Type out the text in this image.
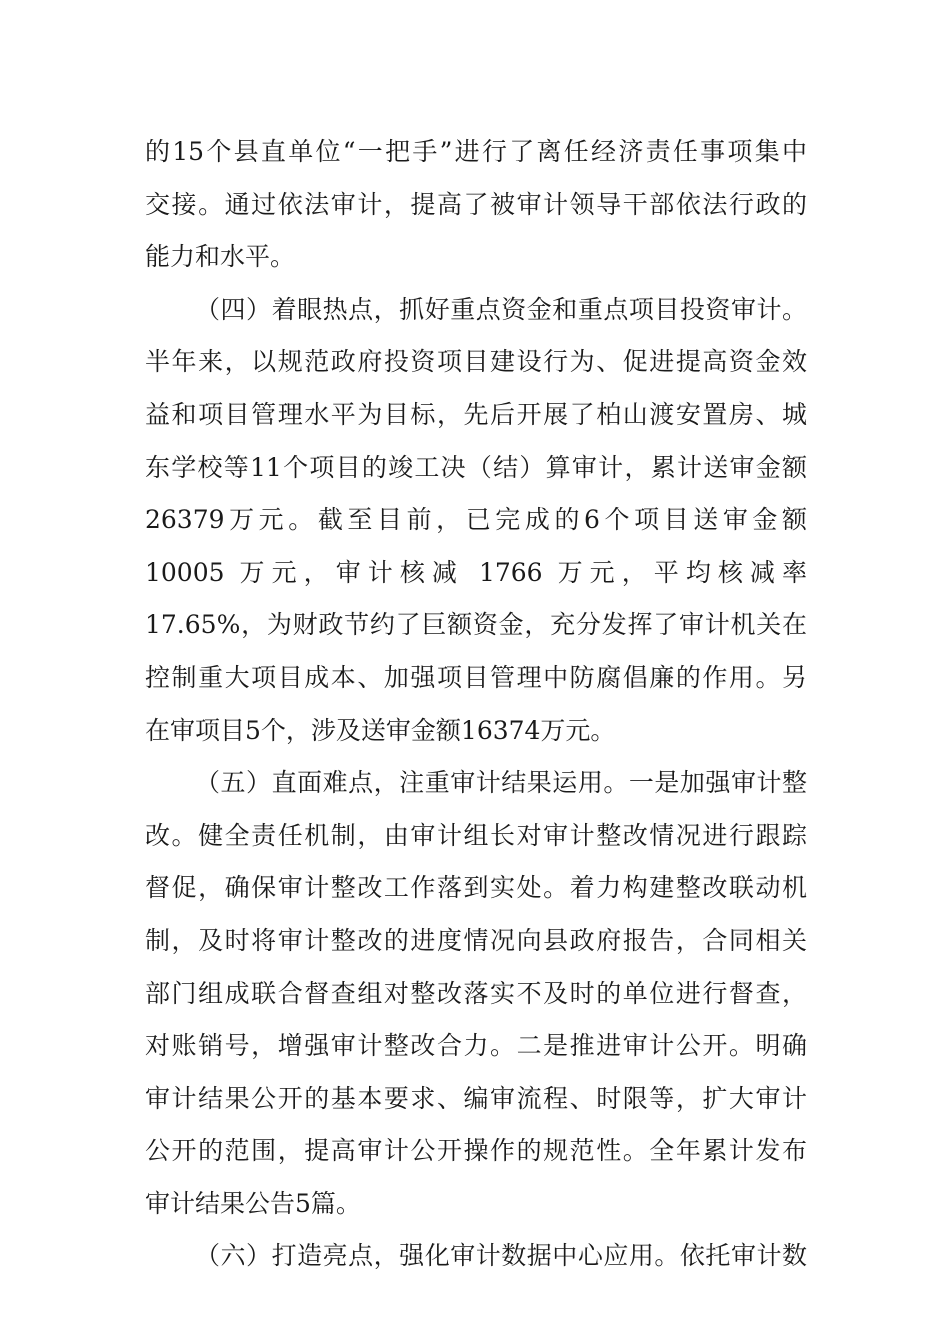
的15个县直单位“一把手”进行了离任经济责任事项集中
交接。通过依法审计，提高了被审计领导干部依法行政的
能力和水平。
（四）着眼热点，抓好重点资金和重点项目投资审计。
半年来，以规范政府投资项目建设行为、促进提高资金效
益和项目管理水平为目标，先后开展了柏山渡安置房、城
东学校等11个项目的竣工决（结）算审计，累计送审金额
26379万元。截至目前，已完成的6个项目送审金额
10005 万元，审计核减 1766 万元，平均核减率
17.65%，为财政节约了巨额资金，充分发挥了审计机关在
控制重大项目成本、加强项目管理中防腐倡廉的作用。另
在审项目5个，涉及送审金额16374万元。
（五）直面难点，注重审计结果运用。一是加强审计整
改。健全责任机制，由审计组长对审计整改情况进行跟踪
督促，确保审计整改工作落到实处。着力构建整改联动机
制，及时将审计整改的进度情况向县政府报告，合同相关
部门组成联合督查组对整改落实不及时的单位进行督查，
对账销号，增强审计整改合力。二是推进审计公开。明确
审计结果公开的基本要求、编审流程、时限等，扩大审计
公开的范围，提高审计公开操作的规范性。全年累计发布
审计结果公告5篇。
（六）打造亮点，强化审计数据中心应用。依托审计数
